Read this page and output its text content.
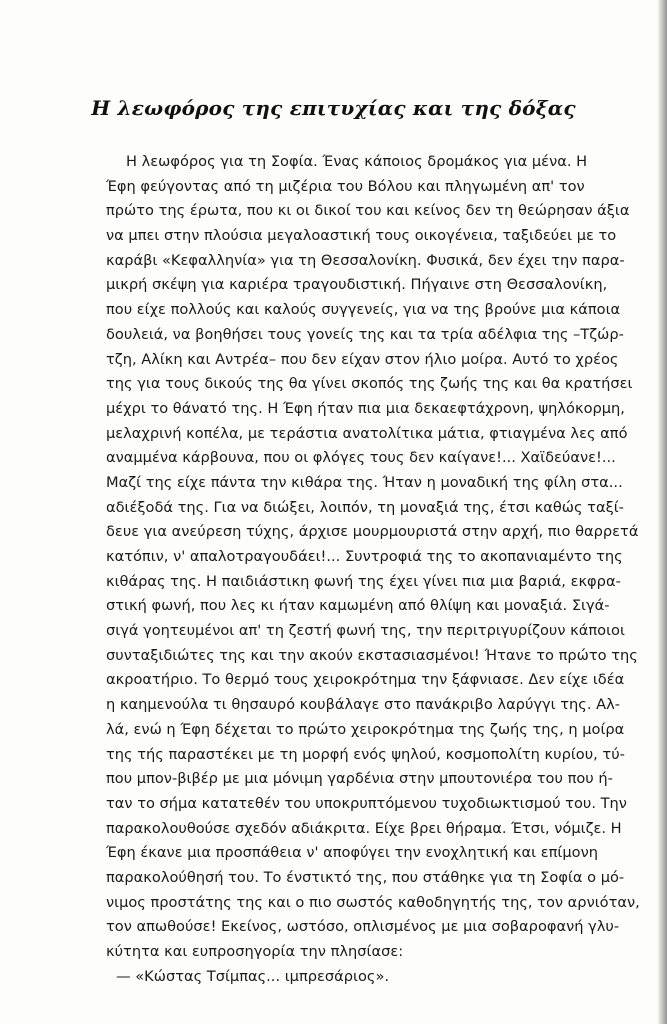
Η λεωφόρος της επιτυχίας και της δόξας
Η λεωφόρος για τη Σοφία. Ένας κάποιος δρομάκος για μένα. Η
Έφη φεύγοντας από τη μιζέρια του Βόλου και πληγωμένη απ' τον
πρώτο της έρωτα, που κι οι δικοί του και κείνος δεν τη θεώρησαν άξια
να μπει στην πλούσια μεγαλοαστική τους οικογένεια, ταξιδεύει με το
καράβι «Κεφαλληνία» για τη Θεσσαλονίκη. Φυσικά, δεν έχει την παρα-
μικρή σκέψη για καριέρα τραγουδιστική. Πήγαινε στη Θεσσαλονίκη,
που είχε πολλούς και καλούς συγγενείς, για να της βρούνε μια κάποια
δουλειά, να βοηθήσει τους γονείς της και τα τρία αδέλφια της –Τζώρ-
τζη, Αλίκη και Αντρέα– που δεν είχαν στον ήλιο μοίρα. Αυτό το χρέος
της για τους δικούς της θα γίνει σκοπός της ζωής της και θα κρατήσει
μέχρι το θάνατό της. Η Έφη ήταν πια μια δεκαεφτάχρονη, ψηλόκορμη,
μελαχρινή κοπέλα, με τεράστια ανατολίτικα μάτια, φτιαγμένα λες από
αναμμένα κάρβουνα, που οι φλόγες τους δεν καίγανε!... Χαϊδεύανε!...
Μαζί της είχε πάντα την κιθάρα της. Ήταν η μοναδική της φίλη στα...
αδιέξοδά της. Για να διώξει, λοιπόν, τη μοναξιά της, έτσι καθώς ταξί-
δευε για ανεύρεση τύχης, άρχισε μουρμουριστά στην αρχή, πιο θαρρετά
κατόπιν, ν' απαλοτραγουδάει!... Συντροφιά της το ακοπανιαμέντο της
κιθάρας της. Η παιδιάστικη φωνή της έχει γίνει πια μια βαριά, εκφρα-
στική φωνή, που λες κι ήταν καμωμένη από θλίψη και μοναξιά. Σιγά-
σιγά γοητευμένοι απ' τη ζεστή φωνή της, την περιτριγυρίζουν κάποιοι
συνταξιδιώτες της και την ακούν εκστασιασμένοι! Ήτανε το πρώτο της
ακροατήριο. Το θερμό τους χειροκρότημα την ξάφνιασε. Δεν είχε ιδέα
η καημενούλα τι θησαυρό κουβάλαγε στο πανάκριβο λαρύγγι της. Αλ-
λά, ενώ η Έφη δέχεται το πρώτο χειροκρότημα της ζωής της, η μοίρα
της τής παραστέκει με τη μορφή ενός ψηλού, κοσμοπολίτη κυρίου, τύ-
που μπον-βιβέρ με μια μόνιμη γαρδένια στην μπουτονιέρα του που ή-
ταν το σήμα κατατεθέν του υποκρυπτόμενου τυχοδιωκτισμού του. Την
παρακολουθούσε σχεδόν αδιάκριτα. Είχε βρει θήραμα. Έτσι, νόμιζε. Η
Έφη έκανε μια προσπάθεια ν' αποφύγει την ενοχλητική και επίμονη
παρακολούθησή του. Το ένστικτό της, που στάθηκε για τη Σοφία ο μό-
νιμος προστάτης της και ο πιο σωστός καθοδηγητής της, τον αρνιόταν,
τον απωθούσε! Εκείνος, ωστόσο, οπλισμένος με μια σοβαροφανή γλυ-
κύτητα και ευπροσηγορία την πλησίασε:
— «Κώστας Τσίμπας... ιμπρεσάριος».
